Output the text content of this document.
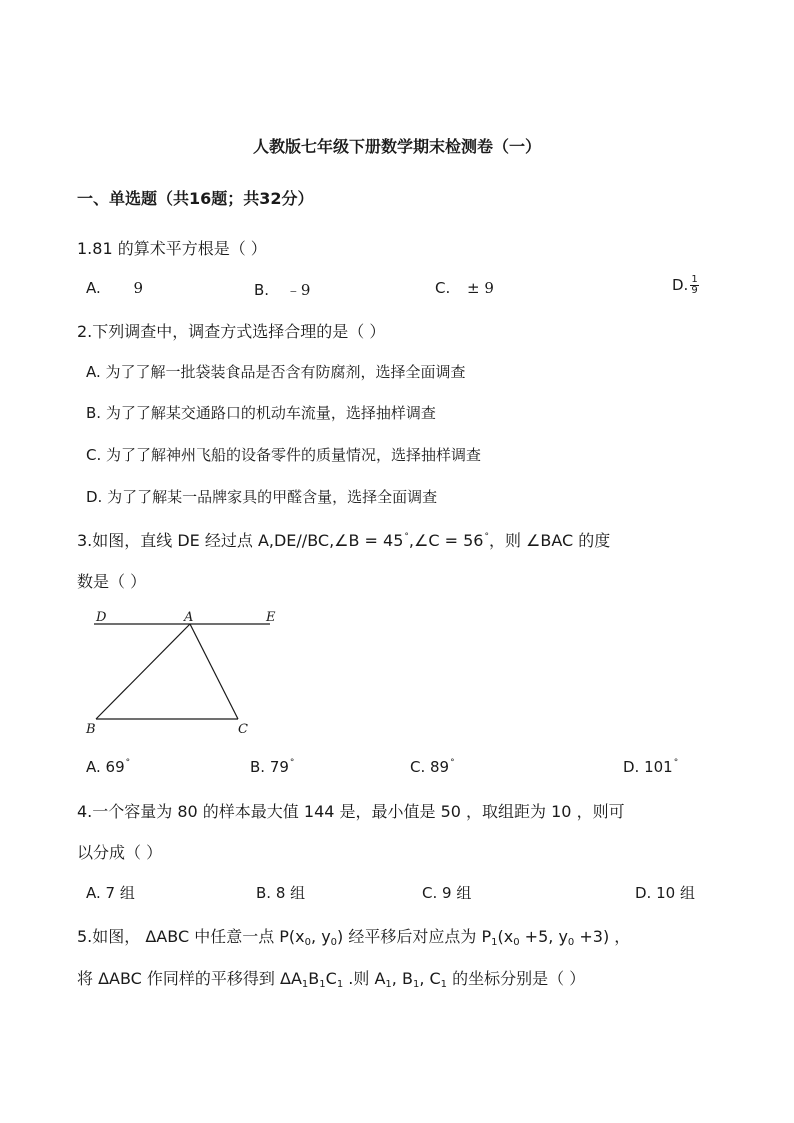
人教版七年级下册数学期末检测卷（一）
一、单选题（共16题；共32分）
1.81 的算术平方根是（ ）
A. 9	B. ﹣9	C. ± 9	D. $\frac{1}{9}$
2.下列调查中，调查方式选择合理的是（ ）
A. 为了了解一批袋装食品是否含有防腐剂，选择全面调查
B. 为了了解某交通路口的机动车流量，选择抽样调查
C. 为了了解神州飞船的设备零件的质量情况，选择抽样调查
D. 为了了解某一品牌家具的甲醛含量，选择全面调查
3.如图，直线 DE 经过点 A,DE//BC,∠B = 45°,∠C = 56°，则 ∠BAC 的度
数是（ ）
D	A	E
B	C
A. 69°	B. 79°	C. 89°	D. 101°
4.一个容量为 80 的样本最大值 144 是，最小值是 50 ，取组距为 10 ，则可
以分成（ ）
A. 7 组	B. 8 组	C. 9 组	D. 10 组
5.如图， ΔABC 中任意一点 $P(x_0$, $y_0$) 经平移后对应点为 $P_1(x_0 +5$, $y_0 +3$) ，
将 ΔABC 作同样的平移得到 $\Delta A_1B_1C_1$ .则 $A_1$, $B_1$, $C_1$ 的坐标分别是（ ）
